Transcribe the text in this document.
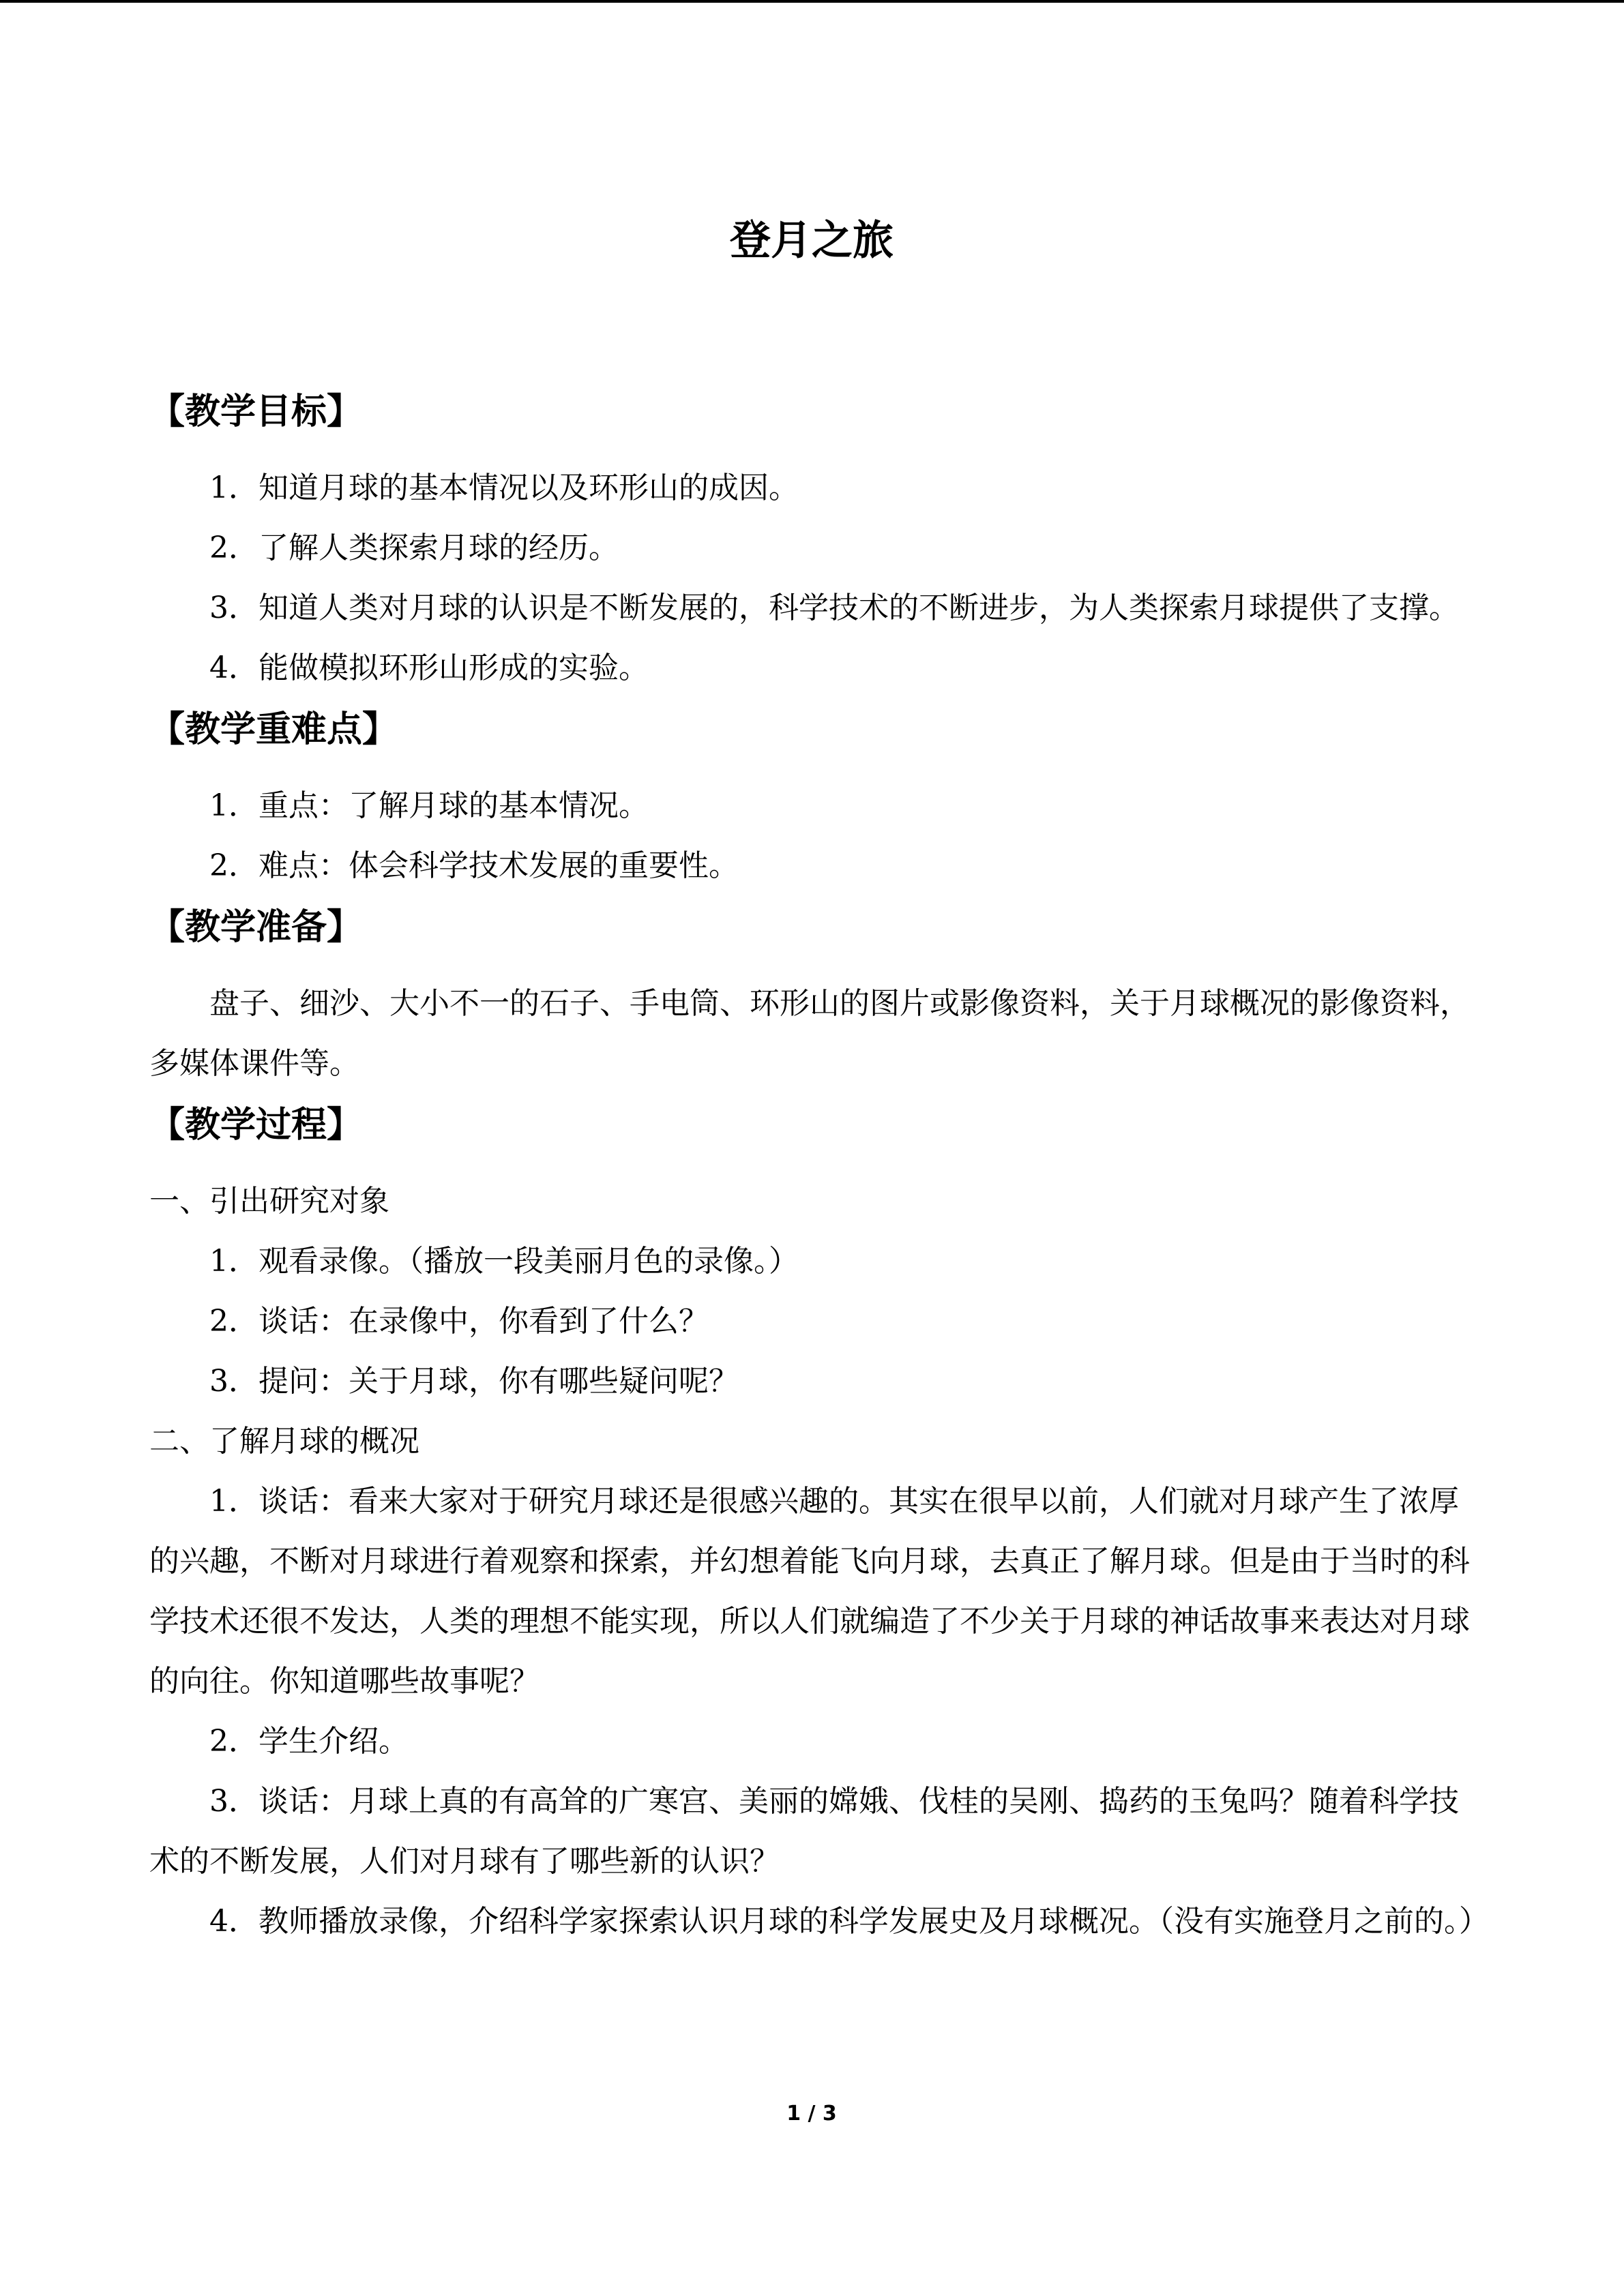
登月之旅
【教学目标】

1．知道月球的基本情况以及环形山的成因。

2．了解人类探索月球的经历。

3．知道人类对月球的认识是不断发展的，科学技术的不断进步，为人类探索月球提供了支撑。

4．能做模拟环形山形成的实验。

【教学重难点】

1．重点：了解月球的基本情况。

2．难点：体会科学技术发展的重要性。

【教学准备】

盘子、细沙、大小不一的石子、手电筒、环形山的图片或影像资料，关于月球概况的影像资料，多媒体课件等。

【教学过程】

一、引出研究对象

1．观看录像。（播放一段美丽月色的录像。）

2．谈话：在录像中，你看到了什么？

3．提问：关于月球，你有哪些疑问呢？

二、了解月球的概况

1．谈话：看来大家对于研究月球还是很感兴趣的。其实在很早以前，人们就对月球产生了浓厚的兴趣，不断对月球进行着观察和探索，并幻想着能飞向月球，去真正了解月球。但是由于当时的科学技术还很不发达，人类的理想不能实现，所以人们就编造了不少关于月球的神话故事来表达对月球的向往。你知道哪些故事呢？

2．学生介绍。

3．谈话：月球上真的有高耸的广寒宫、美丽的嫦娥、伐桂的吴刚、捣药的玉兔吗？随着科学技术的不断发展，人们对月球有了哪些新的认识？

4．教师播放录像，介绍科学家探索认识月球的科学发展史及月球概况。（没有实施登月之前的。）

1 / 3
